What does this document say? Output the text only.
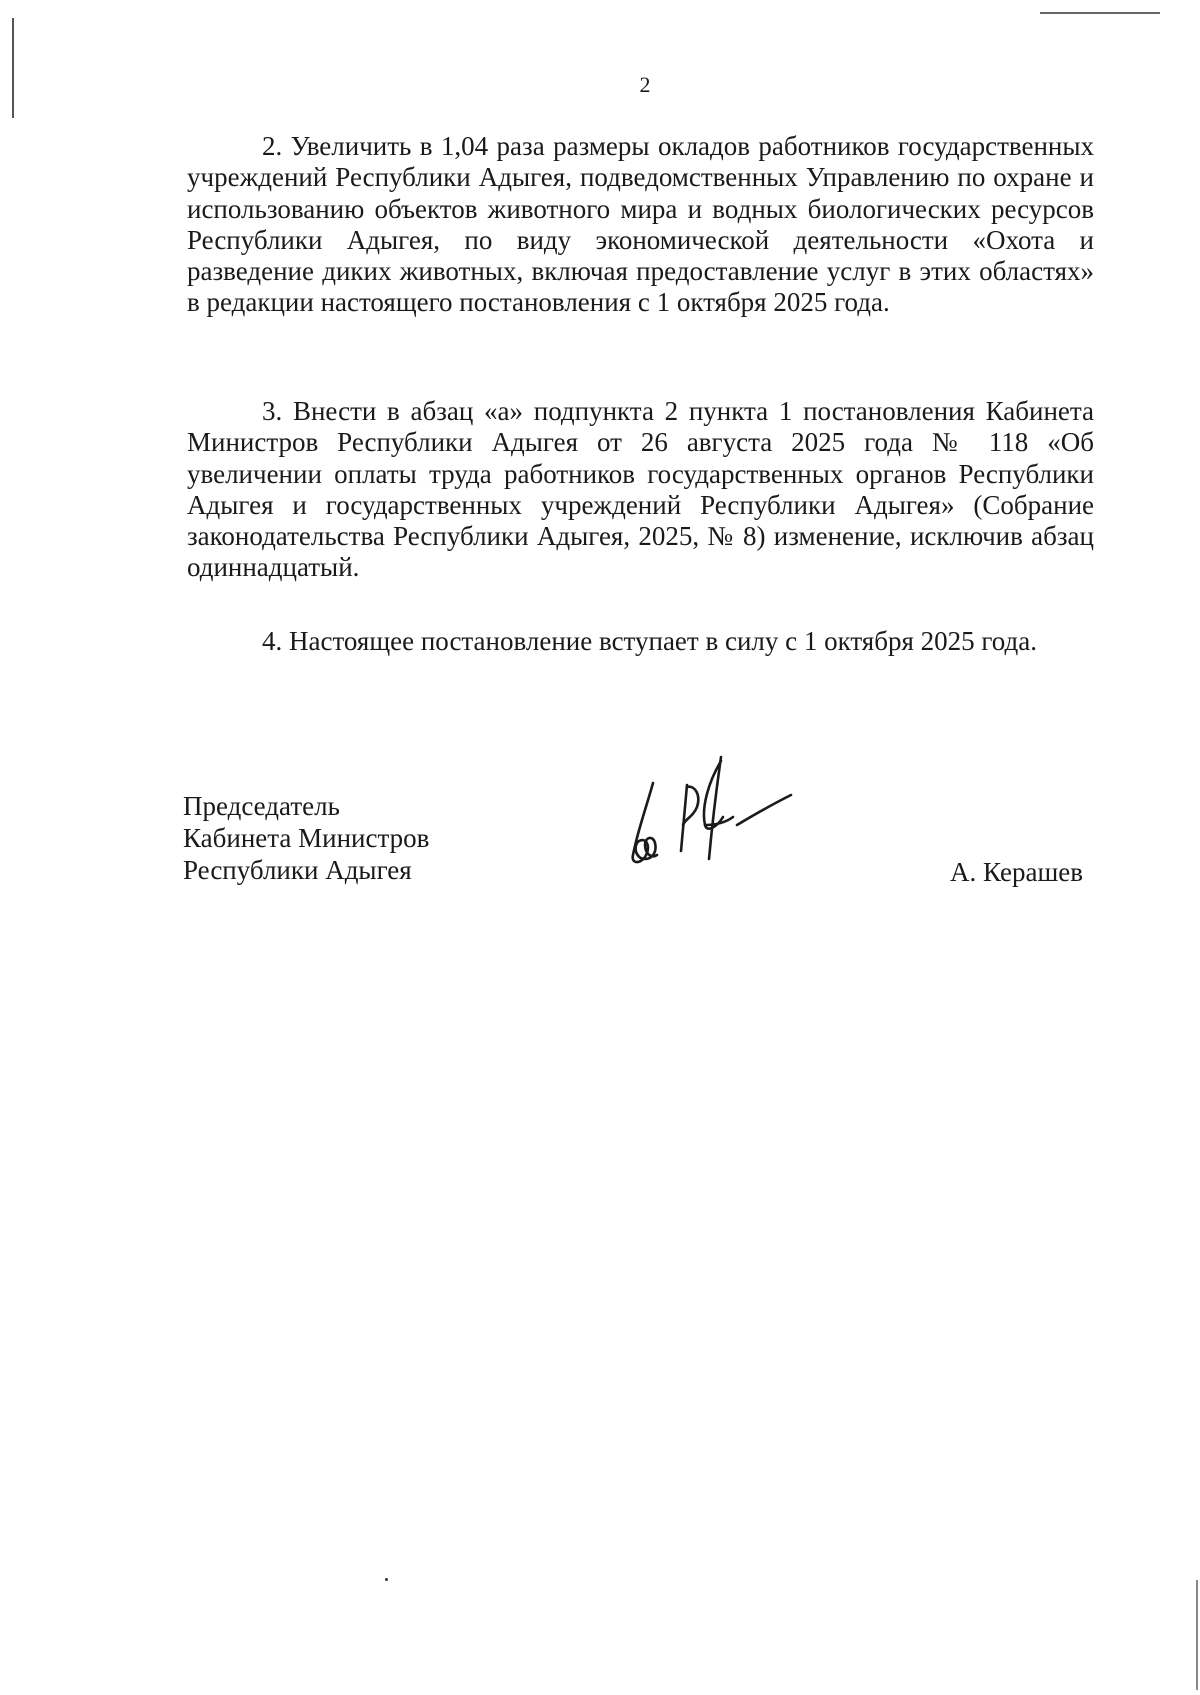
2

2. Увеличить в 1,04 раза размеры окладов работников государственных учреждений Республики Адыгея, подведомственных Управлению по охране и использованию объектов животного мира и водных биологических ресурсов Республики Адыгея, по виду экономической деятельности «Охота и разведение диких животных, включая предоставление услуг в этих областях» в редакции настоящего постановления с 1 октября 2025 года.

3. Внести в абзац «а» подпункта 2 пункта 1 постановления Кабинета Министров Республики Адыгея от 26 августа 2025 года № 118 «Об увеличении оплаты труда работников государственных органов Республики Адыгея и государственных учреждений Республики Адыгея» (Собрание законодательства Республики Адыгея, 2025, № 8) изменение, исключив абзац одиннадцатый.

4. Настоящее постановление вступает в силу с 1 октября 2025 года.

Председатель
Кабинета Министров
Республики Адыгея	А. Керашев
